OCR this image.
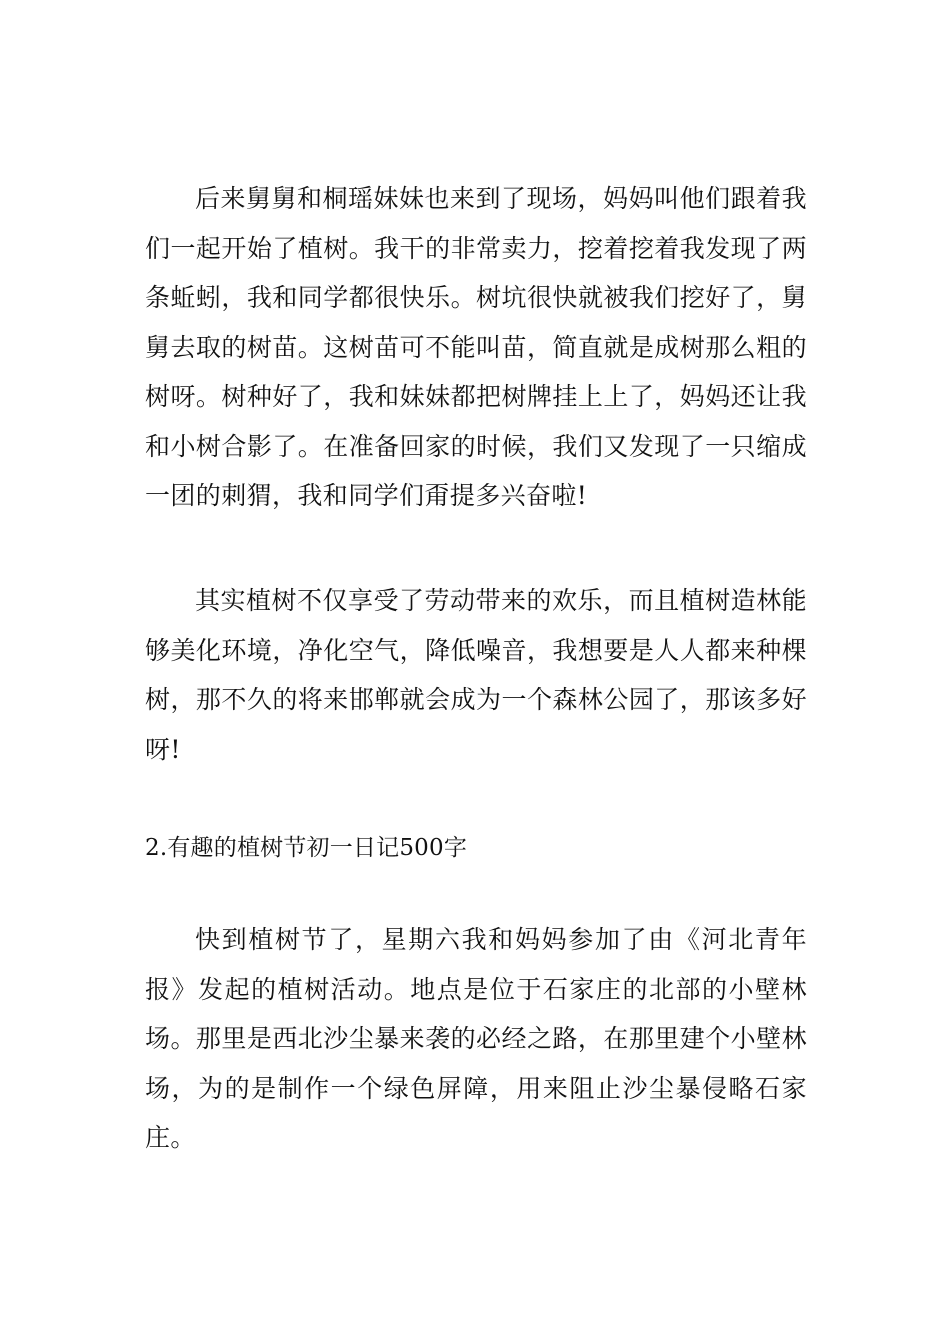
后来舅舅和桐瑶妹妹也来到了现场，妈妈叫他们跟着我们一起开始了植树。我干的非常卖力，挖着挖着我发现了两条蚯蚓，我和同学都很快乐。树坑很快就被我们挖好了，舅舅去取的树苗。这树苗可不能叫苗，简直就是成树那么粗的树呀。树种好了，我和妹妹都把树牌挂上上了，妈妈还让我和小树合影了。在准备回家的时候，我们又发现了一只缩成一团的刺猬，我和同学们甭提多兴奋啦!

其实植树不仅享受了劳动带来的欢乐，而且植树造林能够美化环境，净化空气，降低噪音，我想要是人人都来种棵树，那不久的将来邯郸就会成为一个森林公园了，那该多好呀!

2.有趣的植树节初一日记500字

快到植树节了，星期六我和妈妈参加了由《河北青年报》发起的植树活动。地点是位于石家庄的北部的小壁林场。那里是西北沙尘暴来袭的必经之路，在那里建个小壁林场，为的是制作一个绿色屏障，用来阻止沙尘暴侵略石家庄。
